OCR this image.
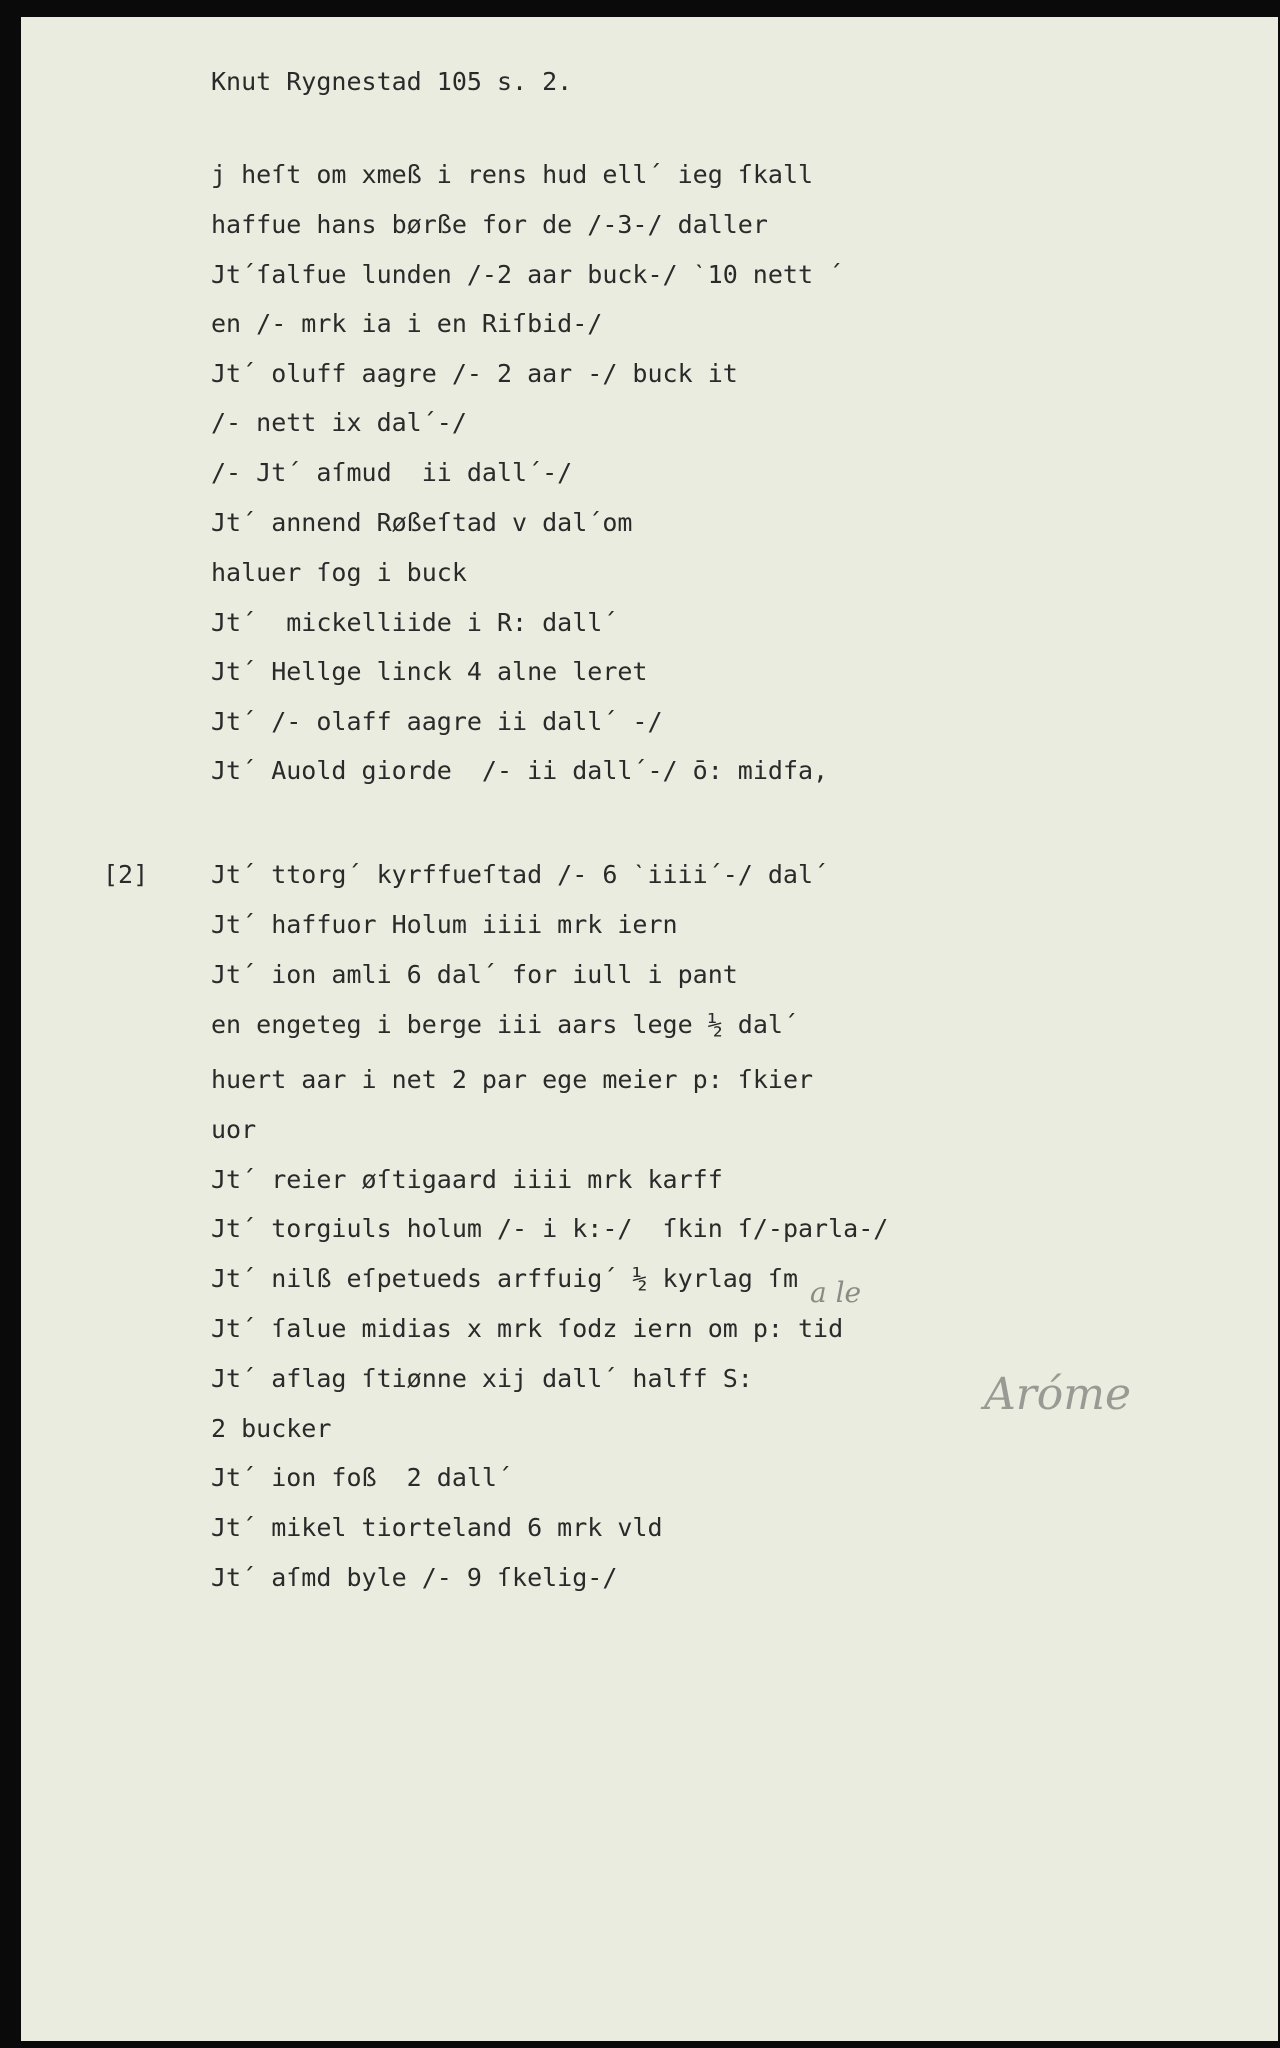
Knut Rygnestad 105 s. 2.
j heſt om xmeß i rens hud ell´ ieg ſkall
haffue hans børße for de /-3-/ daller
Jt´ſalfue lunden /-2 aar buck-/ ˋ10 nett ´
en /- mrk ia i en Riſbid-/
Jt´ oluff aagre /- 2 aar -/ buck it
/- nett ix dal´-/
/- Jt´ aſmud  ii dall´-/
Jt´ annend Røßeſtad v dal´om
haluer ſog i buck
Jt´  mickelliide i R: dall´
Jt´ Hellge linck 4 alne leret
Jt´ /- olaff aagre ii dall´ -/
Jt´ Auold giorde  /- ii dall´-/ ō: midfa,
[2]	Jt´ ttorg´ kyrffueſtad /- 6 ˋiiii´-/ dal´
Jt´ haffuor Holum iiii mrk iern
Jt´ ion amli 6 dal´ for iull i pant
en engeteg i berge iii aars lege ½ dal´
huert aar i net 2 par ege meier p: ſkier
uor
Jt´ reier øſtigaard iiii mrk karff
Jt´ torgiuls holum /- i k:-/  ſkin ſ/-parla-/
Jt´ nilß eſpetueds arffuig´ ½ kyrlag ſm
Jt´ ſalue midias x mrk ſodz iern om p: tid
Jt´ aflag ſtiønne xij dall´ halff S:
2 bucker
Jt´ ion foß  2 dall´
Jt´ mikel tiorteland 6 mrk vld
Jt´ aſmd byle /- 9 ſkelig-/
a le
Aróme
